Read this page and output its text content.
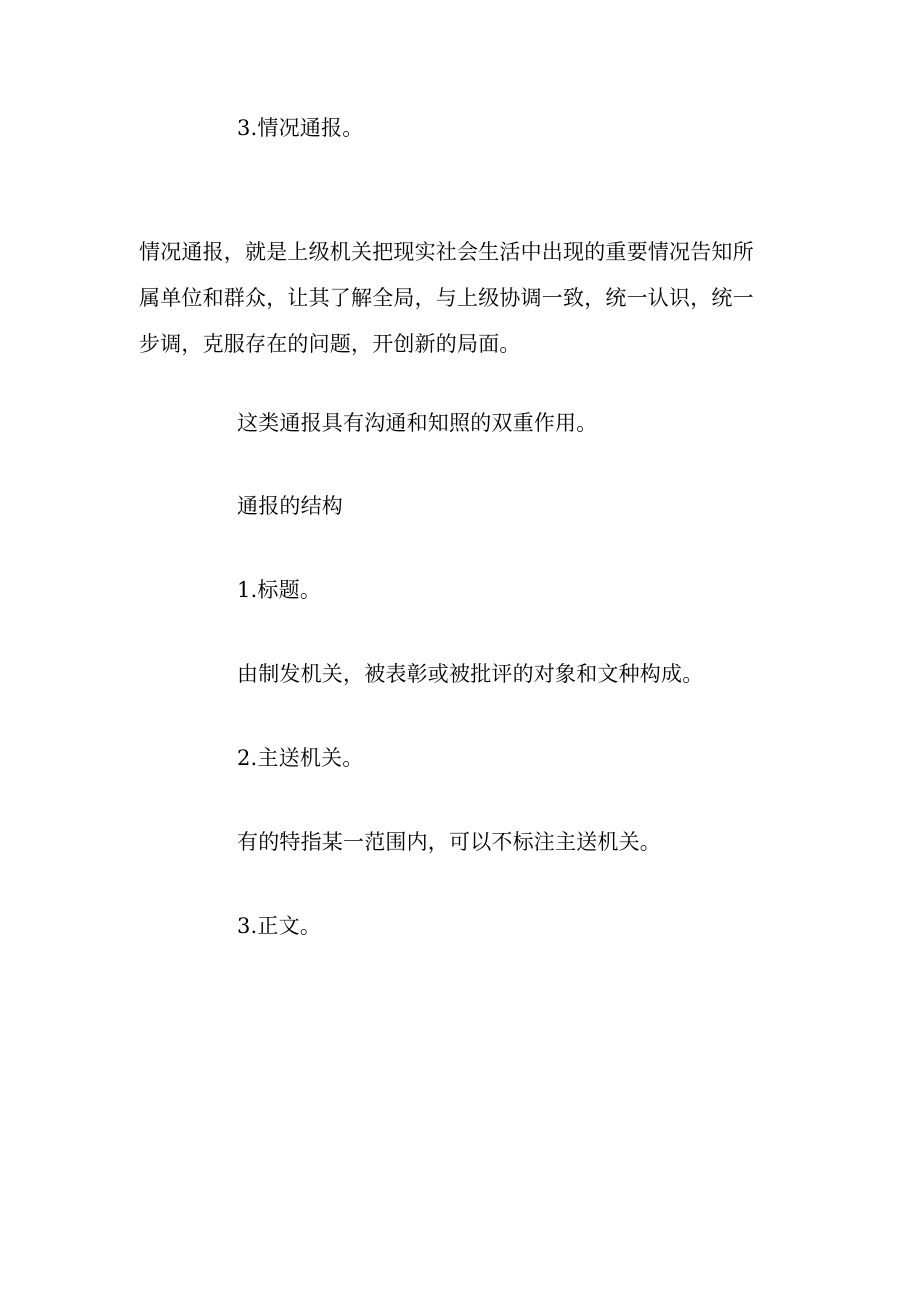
3.情况通报。
情况通报，就是上级机关把现实社会生活中出现的重要情况告知所
属单位和群众，让其了解全局，与上级协调一致，统一认识，统一
步调，克服存在的问题，开创新的局面。
这类通报具有沟通和知照的双重作用。
通报的结构
1.标题。
由制发机关，被表彰或被批评的对象和文种构成。
2.主送机关。
有的特指某一范围内，可以不标注主送机关。
3.正文。
